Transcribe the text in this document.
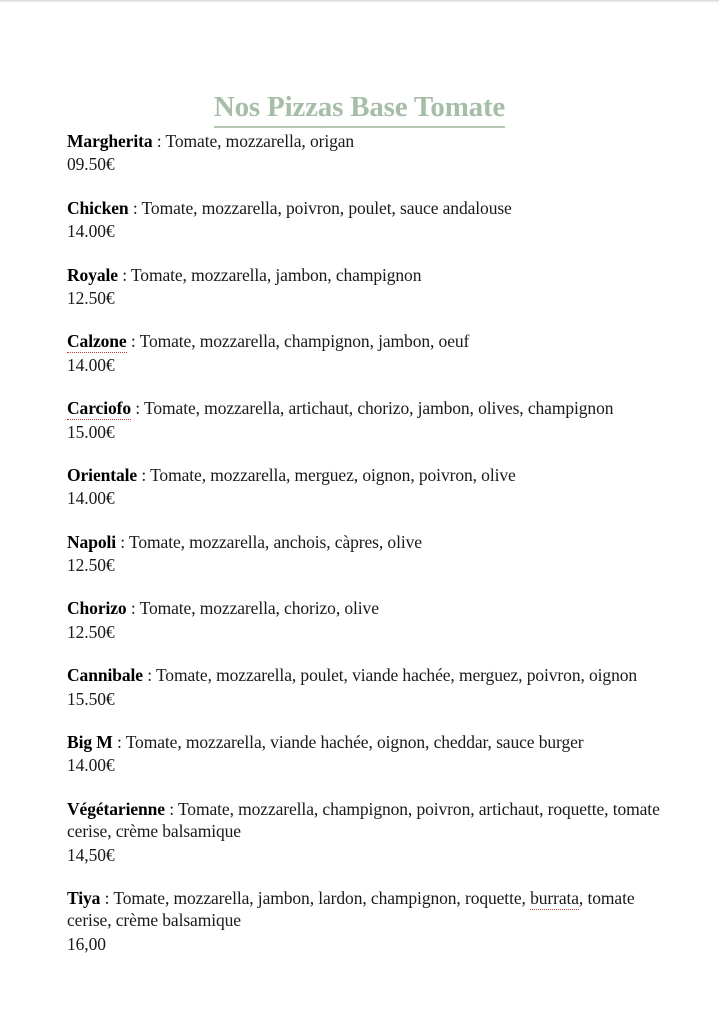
Nos Pizzas Base Tomate
Margherita : Tomate, mozzarella, origan
09.50€
Chicken : Tomate, mozzarella, poivron, poulet, sauce andalouse
14.00€
Royale : Tomate, mozzarella, jambon, champignon
12.50€
Calzone : Tomate, mozzarella, champignon, jambon, oeuf
14.00€
Carciofo : Tomate, mozzarella, artichaut, chorizo, jambon, olives, champignon
15.00€
Orientale : Tomate, mozzarella, merguez, oignon, poivron, olive
14.00€
Napoli : Tomate, mozzarella, anchois, càpres, olive
12.50€
Chorizo : Tomate, mozzarella, chorizo, olive
12.50€
Cannibale : Tomate, mozzarella, poulet, viande hachée, merguez, poivron, oignon
15.50€
Big M : Tomate, mozzarella, viande hachée, oignon, cheddar, sauce burger
14.00€
Végétarienne : Tomate, mozzarella, champignon, poivron, artichaut, roquette, tomate cerise, crème balsamique
14,50€
Tiya : Tomate, mozzarella, jambon, lardon, champignon, roquette, burrata, tomate cerise, crème balsamique
16,00
